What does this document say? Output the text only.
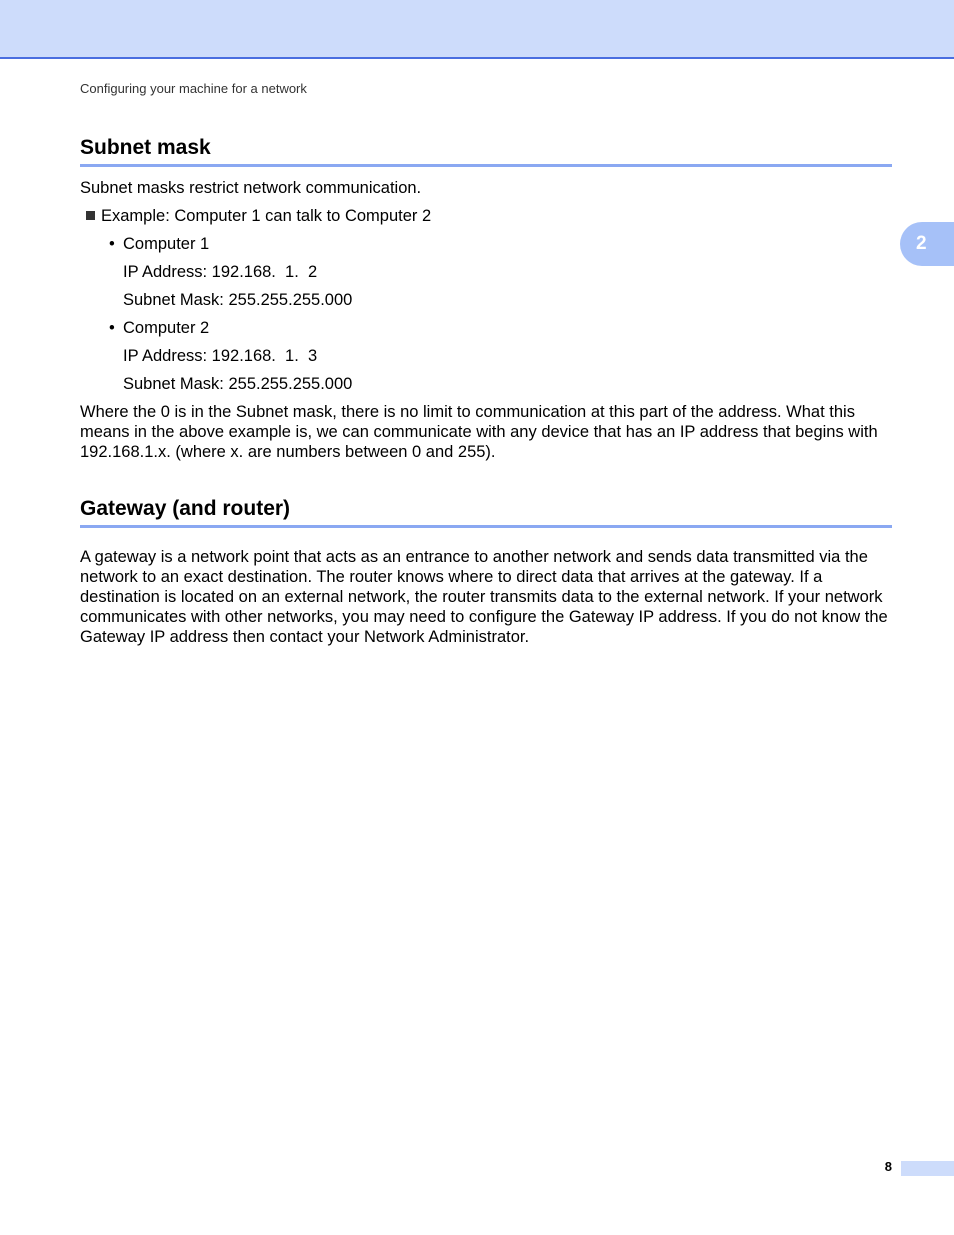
Configuring your machine for a network
2
Subnet mask

Subnet masks restrict network communication.

Example: Computer 1 can talk to Computer 2

• Computer 1

IP Address: 192.168.  1.  2

Subnet Mask: 255.255.255.000

• Computer 2

IP Address: 192.168.  1.  3

Subnet Mask: 255.255.255.000

Where the 0 is in the Subnet mask, there is no limit to communication at this part of the address. What this means in the above example is, we can communicate with any device that has an IP address that begins with 192.168.1.x. (where x. are numbers between 0 and 255).

Gateway (and router)

A gateway is a network point that acts as an entrance to another network and sends data transmitted via the network to an exact destination. The router knows where to direct data that arrives at the gateway. If a destination is located on an external network, the router transmits data to the external network. If your network communicates with other networks, you may need to configure the Gateway IP address. If you do not know the Gateway IP address then contact your Network Administrator.

8
